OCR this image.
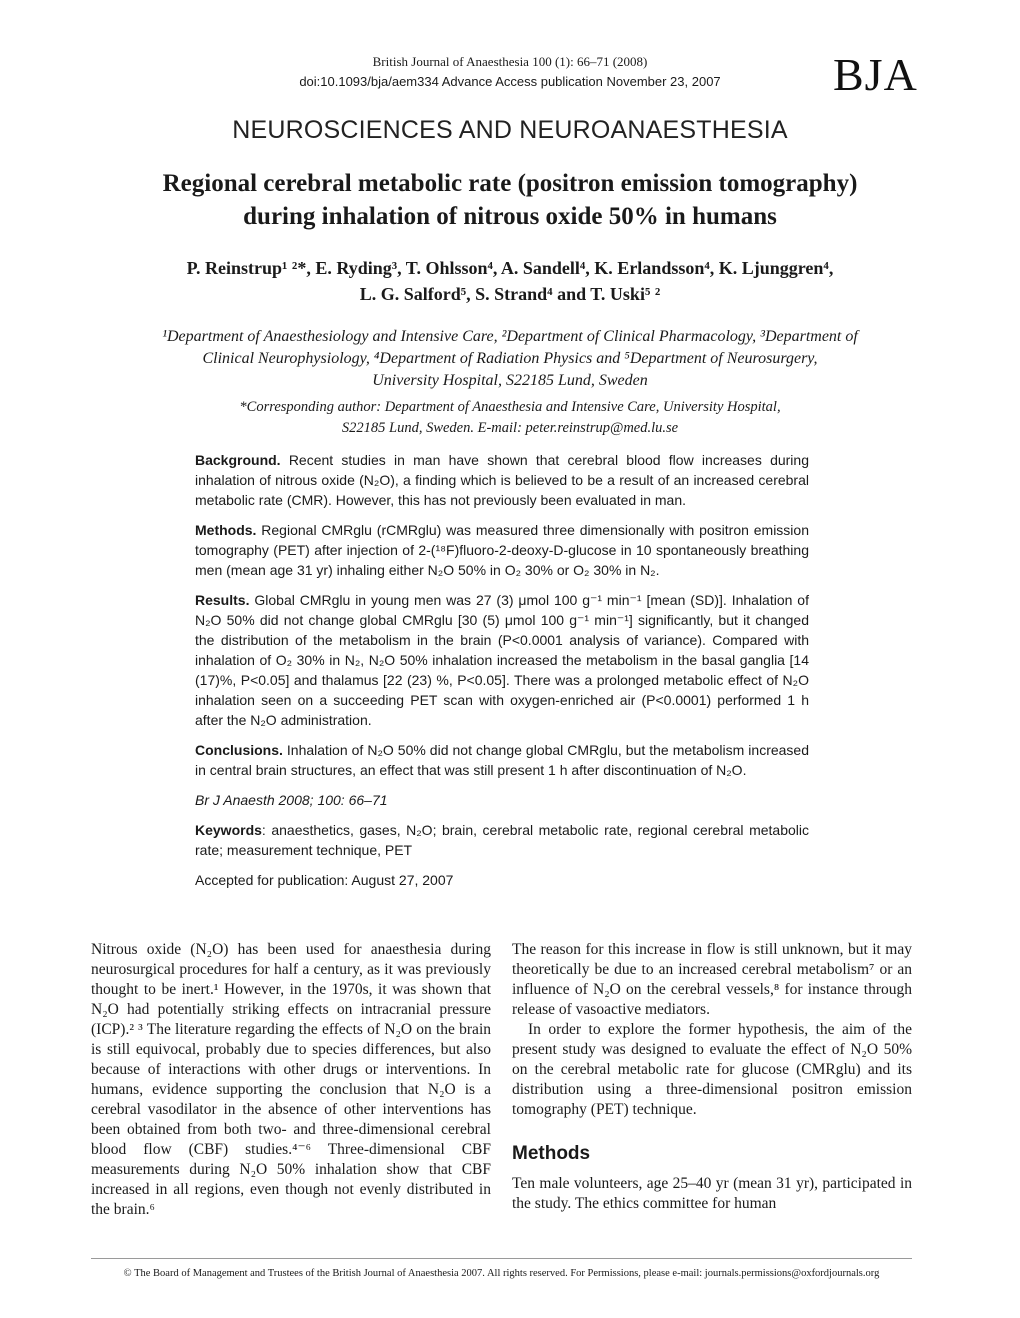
British Journal of Anaesthesia 100 (1): 66–71 (2008)
doi:10.1093/bja/aem334 Advance Access publication November 23, 2007	BJA
NEUROSCIENCES AND NEUROANAESTHESIA
Regional cerebral metabolic rate (positron emission tomography)
during inhalation of nitrous oxide 50% in humans
P. Reinstrup¹ ²*, E. Ryding³, T. Ohlsson⁴, A. Sandell⁴, K. Erlandsson⁴, K. Ljunggren⁴,
L. G. Salford⁵, S. Strand⁴ and T. Uski⁵ ²
¹Department of Anaesthesiology and Intensive Care, ²Department of Clinical Pharmacology, ³Department of
Clinical Neurophysiology, ⁴Department of Radiation Physics and ⁵Department of Neurosurgery,
University Hospital, S22185 Lund, Sweden
*Corresponding author: Department of Anaesthesia and Intensive Care, University Hospital,
S22185 Lund, Sweden. E-mail: peter.reinstrup@med.lu.se

Background. Recent studies in man have shown that cerebral blood flow increases during inhalation of nitrous oxide (N₂O), a finding which is believed to be a result of an increased cerebral metabolic rate (CMR). However, this has not previously been evaluated in man.

Methods. Regional CMRglu (rCMRglu) was measured three dimensionally with positron emission tomography (PET) after injection of 2-(¹⁸F)fluoro-2-deoxy-D-glucose in 10 spontaneously breathing men (mean age 31 yr) inhaling either N₂O 50% in O₂ 30% or O₂ 30% in N₂.

Results. Global CMRglu in young men was 27 (3) μmol 100 g⁻¹ min⁻¹ [mean (SD)]. Inhalation of N₂O 50% did not change global CMRglu [30 (5) μmol 100 g⁻¹ min⁻¹] significantly, but it changed the distribution of the metabolism in the brain (P<0.0001 analysis of variance). Compared with inhalation of O₂ 30% in N₂, N₂O 50% inhalation increased the metabolism in the basal ganglia [14 (17)%, P<0.05] and thalamus [22 (23) %, P<0.05]. There was a prolonged metabolic effect of N₂O inhalation seen on a succeeding PET scan with oxygen-enriched air (P<0.0001) performed 1 h after the N₂O administration.

Conclusions. Inhalation of N₂O 50% did not change global CMRglu, but the metabolism increased in central brain structures, an effect that was still present 1 h after discontinuation of N₂O.

Br J Anaesth 2008; 100: 66–71

Keywords: anaesthetics, gases, N₂O; brain, cerebral metabolic rate, regional cerebral metabolic rate; measurement technique, PET

Accepted for publication: August 27, 2007

Nitrous oxide (N₂O) has been used for anaesthesia during neurosurgical procedures for half a century, as it was previously thought to be inert.¹ However, in the 1970s, it was shown that N₂O had potentially striking effects on intracranial pressure (ICP).² ³ The literature regarding the effects of N₂O on the brain is still equivocal, probably due to species differences, but also because of interactions with other drugs or interventions. In humans, evidence supporting the conclusion that N₂O is a cerebral vasodilator in the absence of other interventions has been obtained from both two- and three-dimensional cerebral blood flow (CBF) studies.⁴⁻⁶ Three-dimensional CBF measurements during N₂O 50% inhalation show that CBF increased in all regions, even though not evenly distributed in the brain.⁶

The reason for this increase in flow is still unknown, but it may theoretically be due to an increased cerebral metabolism⁷ or an influence of N₂O on the cerebral vessels,⁸ for instance through release of vasoactive mediators.

In order to explore the former hypothesis, the aim of the present study was designed to evaluate the effect of N₂O 50% on the cerebral metabolic rate for glucose (CMRglu) and its distribution using a three-dimensional positron emission tomography (PET) technique.

Methods

Ten male volunteers, age 25–40 yr (mean 31 yr), participated in the study. The ethics committee for human

© The Board of Management and Trustees of the British Journal of Anaesthesia 2007. All rights reserved. For Permissions, please e-mail: journals.permissions@oxfordjournals.org
